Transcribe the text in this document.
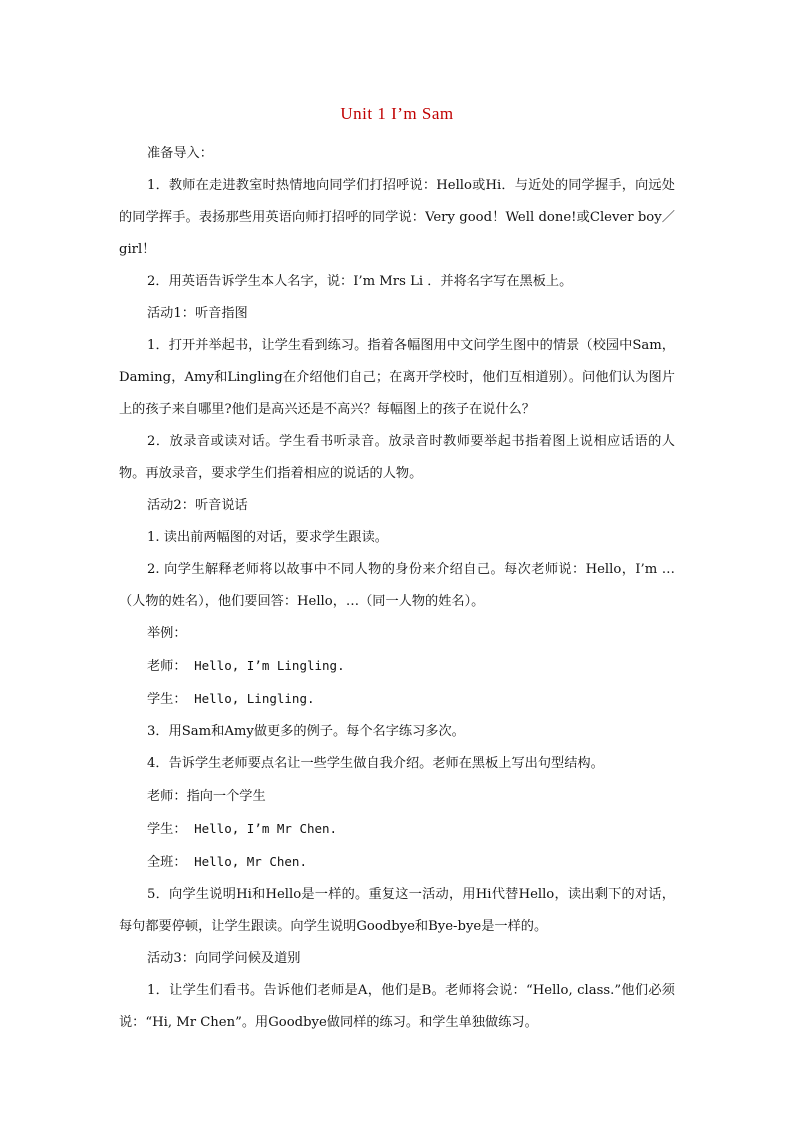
Unit 1 I’m Sam

准备导入：

1．教师在走进教室时热情地向同学们打招呼说：Hello或Hi．与近处的同学握手，向远处的同学挥手。表扬那些用英语向师打招呼的同学说：Very good！Well done!或Clever boy／girl！

2．用英语告诉学生本人名字，说：I’m Mrs Li ．并将名字写在黑板上。

活动1：听音指图

1．打开并举起书，让学生看到练习。指着各幅图用中文问学生图中的情景（校园中Sam，Daming，Amy和Lingling在介绍他们自己；在离开学校时，他们互相道别）。问他们认为图片上的孩子来自哪里?他们是高兴还是不高兴？每幅图上的孩子在说什么？

2．放录音或读对话。学生看书听录音。放录音时教师要举起书指着图上说相应话语的人物。再放录音，要求学生们指着相应的说话的人物。

活动2：听音说话

1. 读出前两幅图的对话，要求学生跟读。

2. 向学生解释老师将以故事中不同人物的身份来介绍自己。每次老师说：Hello，I’m …（人物的姓名），他们要回答：Hello，…（同一人物的姓名）。

举例：

老师： Hello, I’m Lingling.

学生： Hello, Lingling.

3．用Sam和Amy做更多的例子。每个名字练习多次。

4．告诉学生老师要点名让一些学生做自我介绍。老师在黑板上写出句型结构。

老师：指向一个学生

学生： Hello, I’m Mr Chen.

全班： Hello, Mr Chen.

5．向学生说明Hi和Hello是一样的。重复这一活动，用Hi代替Hello，读出剩下的对话，每句都要停顿，让学生跟读。向学生说明Goodbye和Bye-bye是一样的。

活动3：向同学问候及道别

1．让学生们看书。告诉他们老师是A，他们是B。老师将会说：“Hello, class.”他们必须说：“Hi, Mr Chen”。用Goodbye做同样的练习。和学生单独做练习。
